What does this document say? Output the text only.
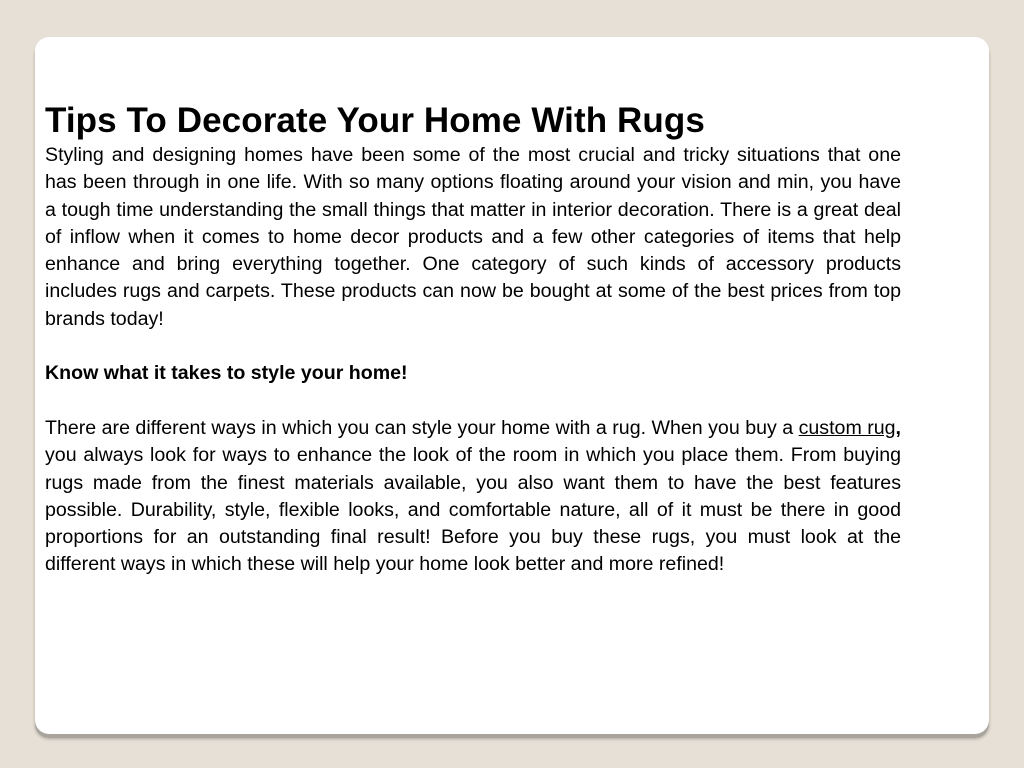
Tips To Decorate Your Home With Rugs

Styling and designing homes have been some of the most crucial and tricky situations that one has been through in one life. With so many options floating around your vision and min, you have a tough time understanding the small things that matter in interior decoration. There is a great deal of inflow when it comes to home decor products and a few other categories of items that help enhance and bring everything together. One category of such kinds of accessory products includes rugs and carpets. These products can now be bought at some of the best prices from top brands today!

Know what it takes to style your home!

There are different ways in which you can style your home with a rug. When you buy a custom rug, you always look for ways to enhance the look of the room in which you place them. From buying rugs made from the finest materials available, you also want them to have the best features possible. Durability, style, flexible looks, and comfortable nature, all of it must be there in good proportions for an outstanding final result! Before you buy these rugs, you must look at the different ways in which these will help your home look better and more refined!
